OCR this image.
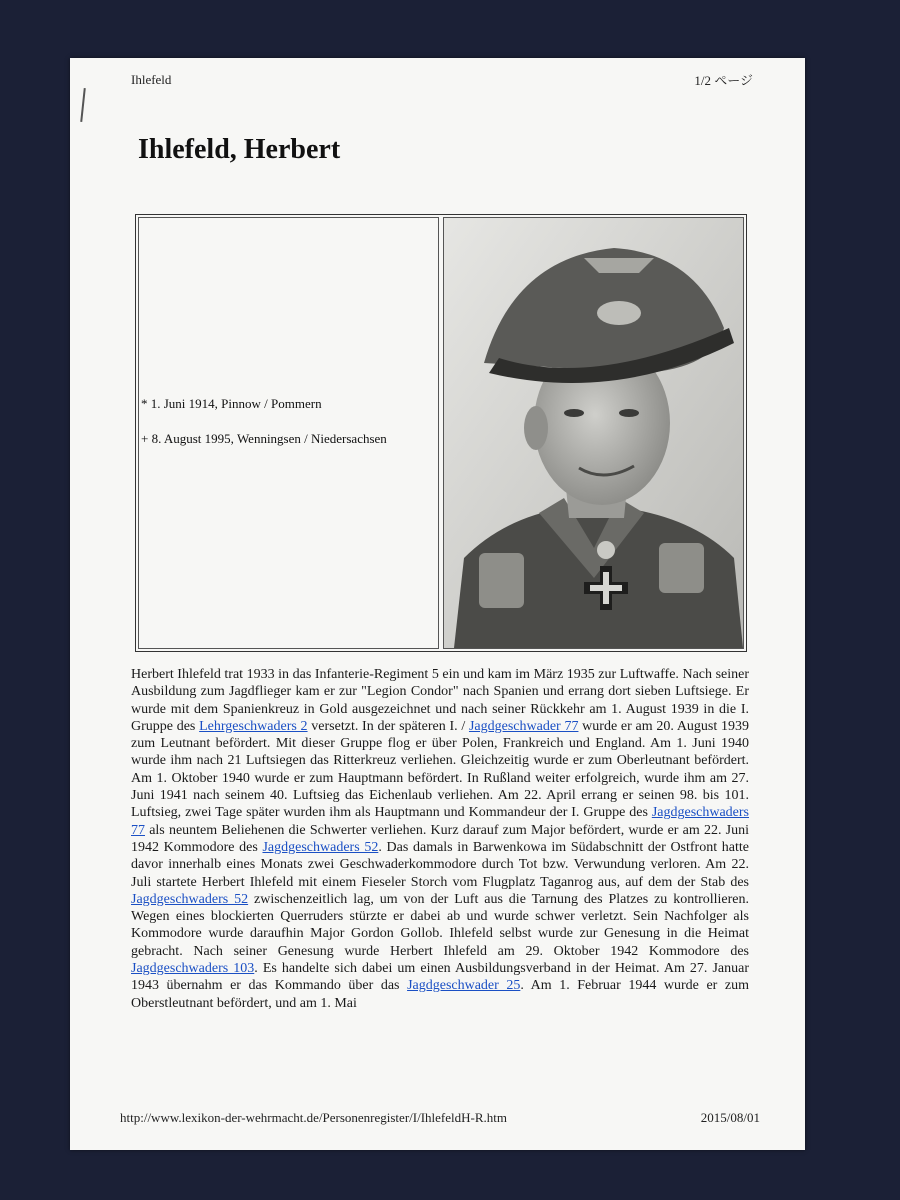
Ihlefeld	1/2 ページ
Ihlefeld, Herbert
* 1. Juni 1914, Pinnow / Pommern
+ 8. August 1995, Wenningsen / Niedersachsen
Herbert Ihlefeld trat 1933 in das Infanterie-Regiment 5 ein und kam im März 1935 zur Luftwaffe. Nach seiner Ausbildung zum Jagdflieger kam er zur "Legion Condor" nach Spanien und errang dort sieben Luftsiege. Er wurde mit dem Spanienkreuz in Gold ausgezeichnet und nach seiner Rückkehr am 1. August 1939 in die I. Gruppe des Lehrgeschwaders 2 versetzt. In der späteren I. / Jagdgeschwader 77 wurde er am 20. August 1939 zum Leutnant befördert. Mit dieser Gruppe flog er über Polen, Frankreich und England. Am 1. Juni 1940 wurde ihm nach 21 Luftsiegen das Ritterkreuz verliehen. Gleichzeitig wurde er zum Oberleutnant befördert. Am 1. Oktober 1940 wurde er zum Hauptmann befördert. In Rußland weiter erfolgreich, wurde ihm am 27. Juni 1941 nach seinem 40. Luftsieg das Eichenlaub verliehen. Am 22. April errang er seinen 98. bis 101. Luftsieg, zwei Tage später wurden ihm als Hauptmann und Kommandeur der I. Gruppe des Jagdgeschwaders 77 als neuntem Beliehenen die Schwerter verliehen. Kurz darauf zum Major befördert, wurde er am 22. Juni 1942 Kommodore des Jagdgeschwaders 52. Das damals in Barwenkowa im Südabschnitt der Ostfront hatte davor innerhalb eines Monats zwei Geschwaderkommodore durch Tot bzw. Verwundung verloren. Am 22. Juli startete Herbert Ihlefeld mit einem Fieseler Storch vom Flugplatz Taganrog aus, auf dem der Stab des Jagdgeschwaders 52 zwischenzeitlich lag, um von der Luft aus die Tarnung des Platzes zu kontrollieren. Wegen eines blockierten Querruders stürzte er dabei ab und wurde schwer verletzt. Sein Nachfolger als Kommodore wurde daraufhin Major Gordon Gollob. Ihlefeld selbst wurde zur Genesung in die Heimat gebracht. Nach seiner Genesung wurde Herbert Ihlefeld am 29. Oktober 1942 Kommodore des Jagdgeschwaders 103. Es handelte sich dabei um einen Ausbildungsverband in der Heimat. Am 27. Januar 1943 übernahm er das Kommando über das Jagdgeschwader 25. Am 1. Februar 1944 wurde er zum Oberstleutnant befördert, und am 1. Mai
http://www.lexikon-der-wehrmacht.de/Personenregister/I/IhlefeldH-R.htm	2015/08/01
